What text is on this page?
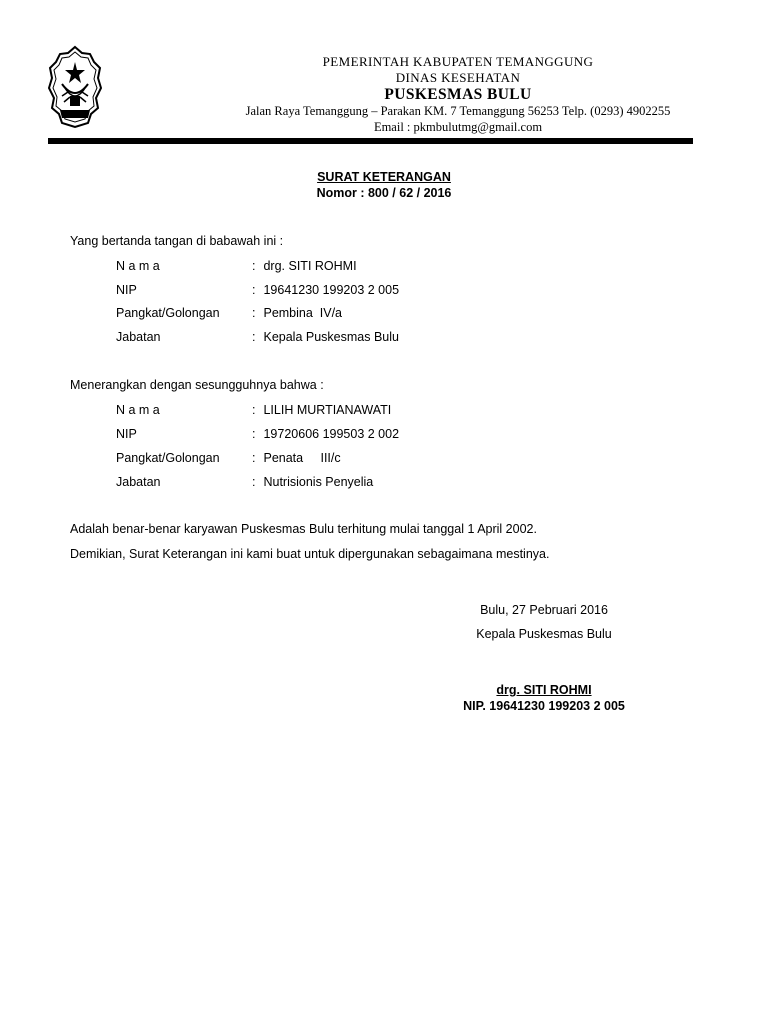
PEMERINTAH KABUPATEN TEMANGGUNG
DINAS KESEHATAN
PUSKESMAS BULU
Jalan Raya Temanggung – Parakan KM. 7 Temanggung 56253 Telp. (0293) 4902255
Email : pkmbulutmg@gmail.com
SURAT KETERANGAN
Nomor : 800 / 62 / 2016
Yang bertanda tangan di babawah ini :
N a m a	: drg. SITI ROHMI
NIP	: 19641230 199203 2 005
Pangkat/Golongan	: Pembina  IV/a
Jabatan	: Kepala Puskesmas Bulu
Menerangkan dengan sesungguhnya bahwa :
N a m a	: LILIH MURTIANAWATI
NIP	: 19720606 199503 2 002
Pangkat/Golongan	: Penata     III/c
Jabatan	: Nutrisionis Penyelia
Adalah benar-benar karyawan Puskesmas Bulu terhitung mulai tanggal 1 April 2002.
Demikian, Surat Keterangan ini kami buat untuk dipergunakan sebagaimana mestinya.
Bulu, 27 Pebruari 2016
Kepala Puskesmas Bulu
drg. SITI ROHMI
NIP. 19641230 199203 2 005
